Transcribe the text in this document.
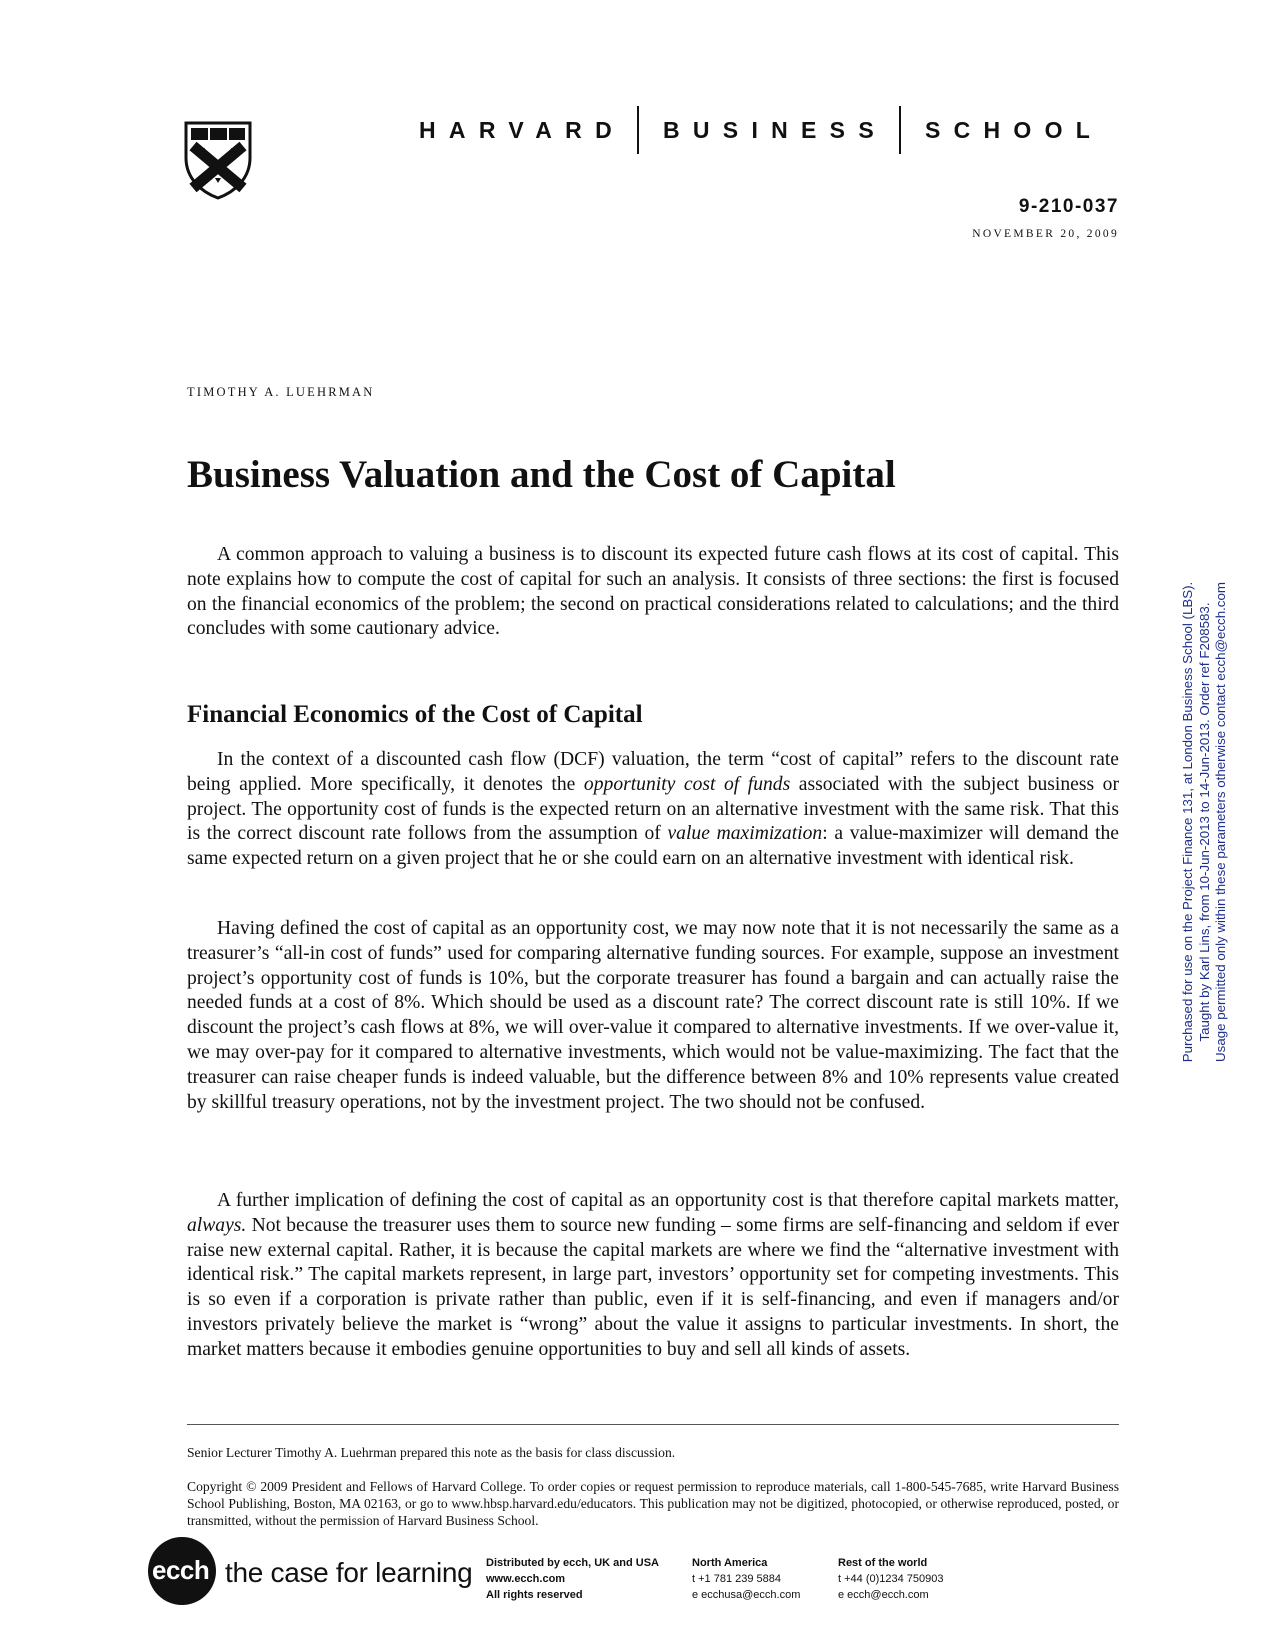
HARVARD BUSINESS SCHOOL
9-210-037
NOVEMBER 20, 2009
TIMOTHY A. LUEHRMAN
Business Valuation and the Cost of Capital

A common approach to valuing a business is to discount its expected future cash flows at its cost of capital. This note explains how to compute the cost of capital for such an analysis. It consists of three sections: the first is focused on the financial economics of the problem; the second on practical considerations related to calculations; and the third concludes with some cautionary advice.

Financial Economics of the Cost of Capital

In the context of a discounted cash flow (DCF) valuation, the term “cost of capital” refers to the discount rate being applied. More specifically, it denotes the opportunity cost of funds associated with the subject business or project. The opportunity cost of funds is the expected return on an alternative investment with the same risk. That this is the correct discount rate follows from the assumption of value maximization: a value-maximizer will demand the same expected return on a given project that he or she could earn on an alternative investment with identical risk.

Having defined the cost of capital as an opportunity cost, we may now note that it is not necessarily the same as a treasurer’s “all-in cost of funds” used for comparing alternative funding sources. For example, suppose an investment project’s opportunity cost of funds is 10%, but the corporate treasurer has found a bargain and can actually raise the needed funds at a cost of 8%. Which should be used as a discount rate? The correct discount rate is still 10%. If we discount the project’s cash flows at 8%, we will over-value it compared to alternative investments. If we over-value it, we may over-pay for it compared to alternative investments, which would not be value-maximizing. The fact that the treasurer can raise cheaper funds is indeed valuable, but the difference between 8% and 10% represents value created by skillful treasury operations, not by the investment project. The two should not be confused.

A further implication of defining the cost of capital as an opportunity cost is that therefore capital markets matter, always. Not because the treasurer uses them to source new funding – some firms are self-financing and seldom if ever raise new external capital. Rather, it is because the capital markets are where we find the “alternative investment with identical risk.” The capital markets represent, in large part, investors’ opportunity set for competing investments. This is so even if a corporation is private rather than public, even if it is self-financing, and even if managers and/or investors privately believe the market is “wrong” about the value it assigns to particular investments. In short, the market matters because it embodies genuine opportunities to buy and sell all kinds of assets.

Purchased for use on the Project Finance 131, at London Business School (LBS). Taught by Karl Lins, from 10-Jun-2013 to 14-Jun-2013. Order ref F208583. Usage permitted only within these parameters otherwise contact ecch@ecch.com

Senior Lecturer Timothy A. Luehrman prepared this note as the basis for class discussion.

Copyright © 2009 President and Fellows of Harvard College. To order copies or request permission to reproduce materials, call 1-800-545-7685, write Harvard Business School Publishing, Boston, MA 02163, or go to www.hbsp.harvard.edu/educators. This publication may not be digitized, photocopied, or otherwise reproduced, posted, or transmitted, without the permission of Harvard Business School.

ecch the case for learning Distributed by ecch, UK and USA
www.ecch.com
All rights reserved
North America
t +1 781 239 5884
e ecchusa@ecch.com
Rest of the world
t +44 (0)1234 750903
e ecch@ecch.com
